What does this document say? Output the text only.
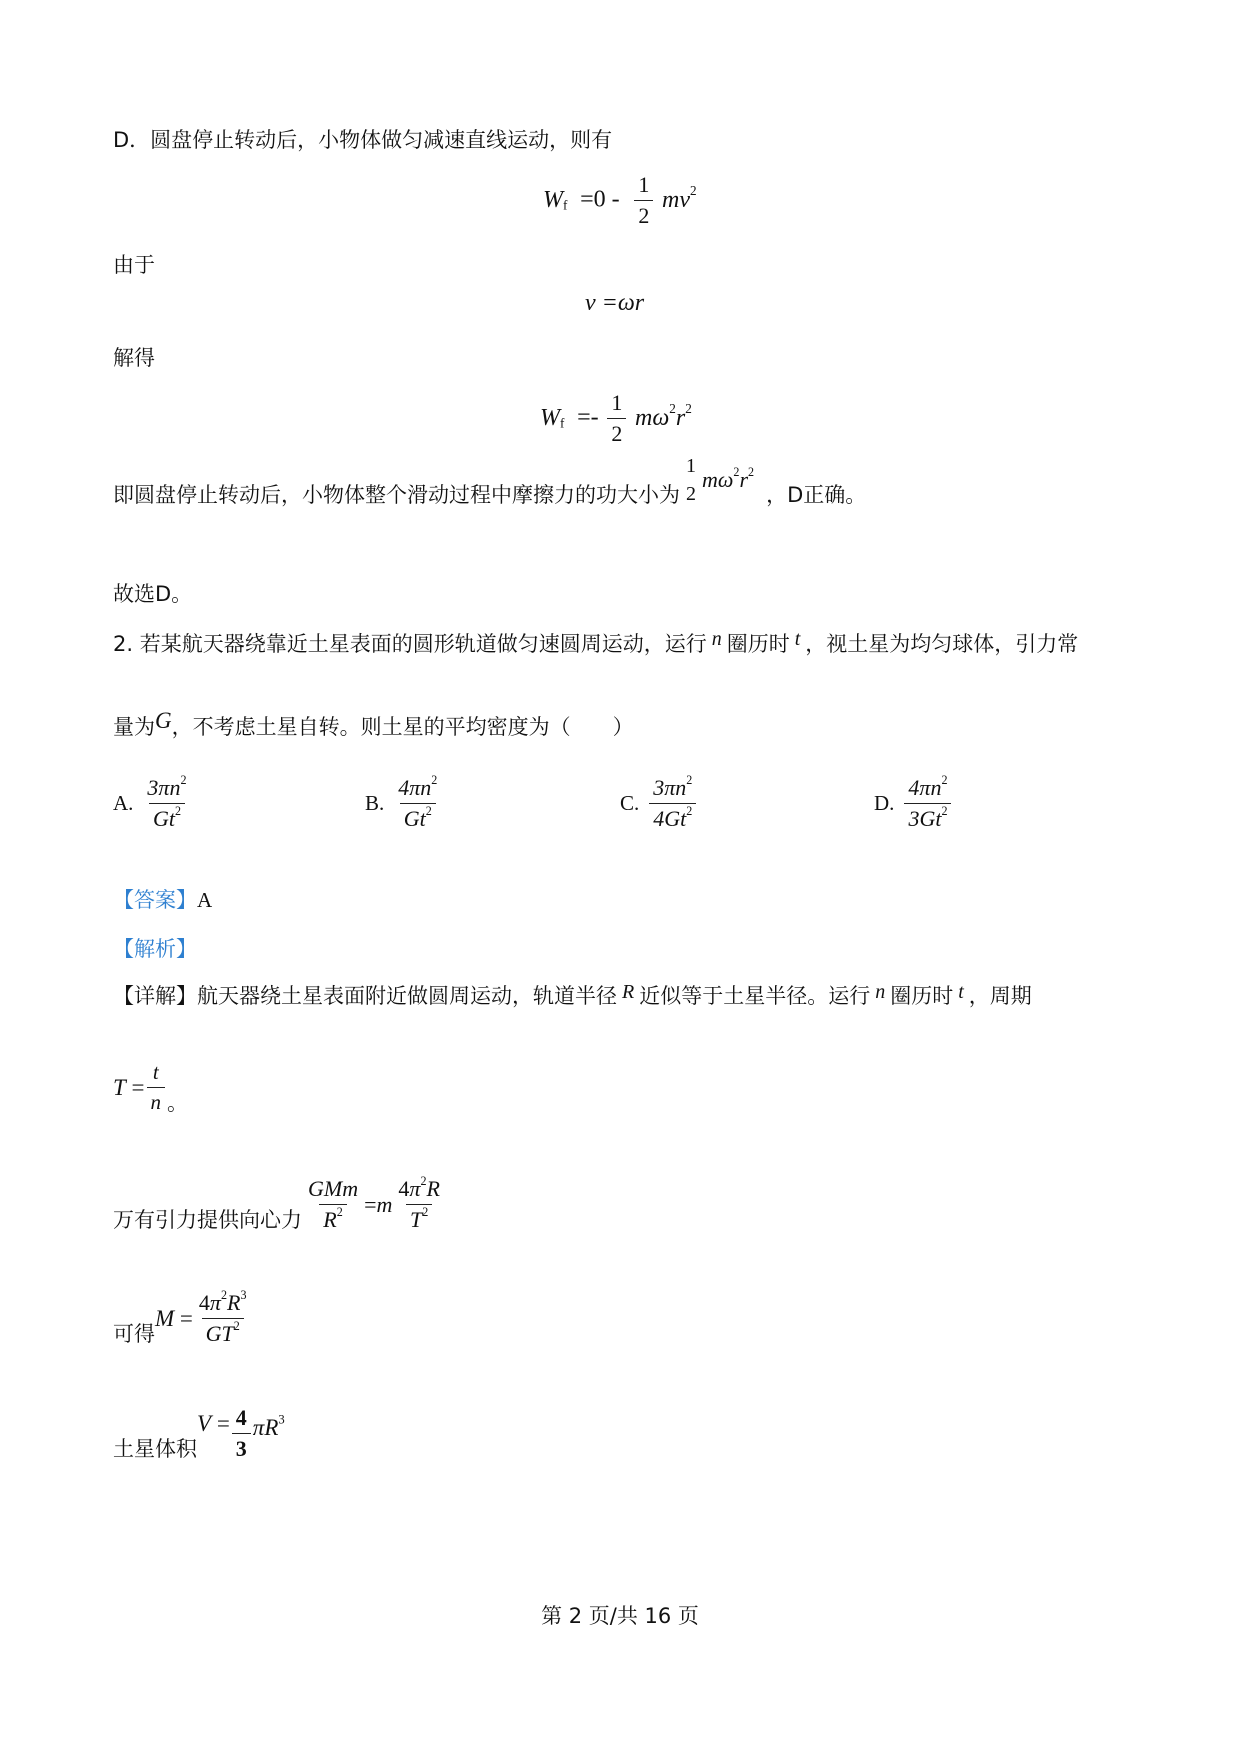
D．圆盘停止转动后，小物体做匀减速直线运动，则有
$W_f =0 - \frac{1}{2} mv^2$
由于
v =ωr
解得
$W_f =- \frac{1}{2} m\omega^2r^2$
即圆盘停止转动后，小物体整个滑动过程中摩擦力的功大小为
1
2
$m\omega^2r^2$
，D正确。
故选D。
2. 若某航天器绕靠近土星表面的圆形轨道做匀速圆周运动，运行 n 圈历时 t ，视土星为均匀球体，引力常
量为G，不考虑土星自转。则土星的平均密度为（　　）
A. $\frac{3\pi n^2}{Gt^2}$	B. $\frac{4\pi n^2}{Gt^2}$	C. $\frac{3\pi n^2}{4Gt^2}$	D. $\frac{4\pi n^2}{3Gt^2}$
【答案】A
【解析】
【详解】航天器绕土星表面附近做圆周运动，轨道半径 R 近似等于土星半径。运行 n 圈历时 t ，周期
$T = \frac{t}{n}$ 。
万有引力提供向心力 $\frac{\text{GMm}}{R^2} = m \frac{4\pi^2R}{T^2}$
可得
$M = \frac{4\pi^2R^3}{GT^2}$
土星体积
$V = \frac{4}{3} \pi R^3$
第 2 页/共 16 页
